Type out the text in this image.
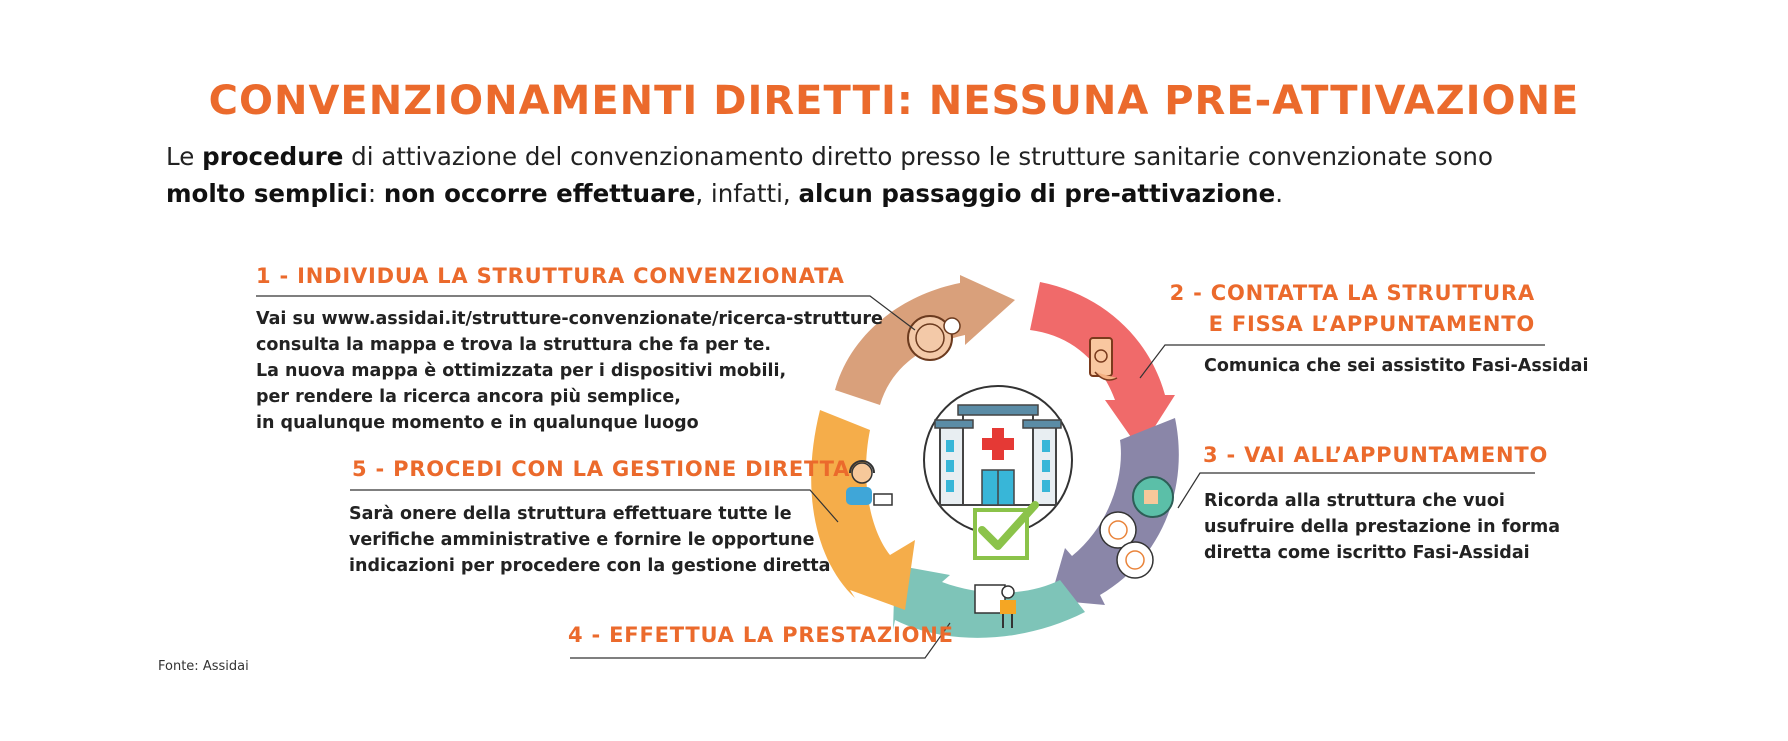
CONVENZIONAMENTI DIRETTI: NESSUNA PRE-ATTIVAZIONE
Le procedure di attivazione del convenzionamento diretto presso le strutture sanitarie convenzionate sono molto semplici: non occorre effettuare, infatti, alcun passaggio di pre-attivazione.
1 - INDIVIDUA LA STRUTTURA CONVENZIONATA
Vai su www.assidai.it/strutture-convenzionate/ricerca-strutture
consulta la mappa e trova la struttura che fa per te.
La nuova mappa è ottimizzata per i dispositivi mobili,
per rendere la ricerca ancora più semplice,
in qualunque momento e in qualunque luogo
2 - CONTATTA LA STRUTTURA
E FISSA L’APPUNTAMENTO
Comunica che sei assistito Fasi-Assidai
3 - VAI ALL’APPUNTAMENTO
Ricorda alla struttura che vuoi
usufruire della prestazione in forma
diretta come iscritto Fasi-Assidai
4 - EFFETTUA LA PRESTAZIONE
5 - PROCEDI CON LA GESTIONE DIRETTA
Sarà onere della struttura effettuare tutte le
verifiche amministrative e fornire le opportune
indicazioni per procedere con la gestione diretta
Fonte: Assidai
